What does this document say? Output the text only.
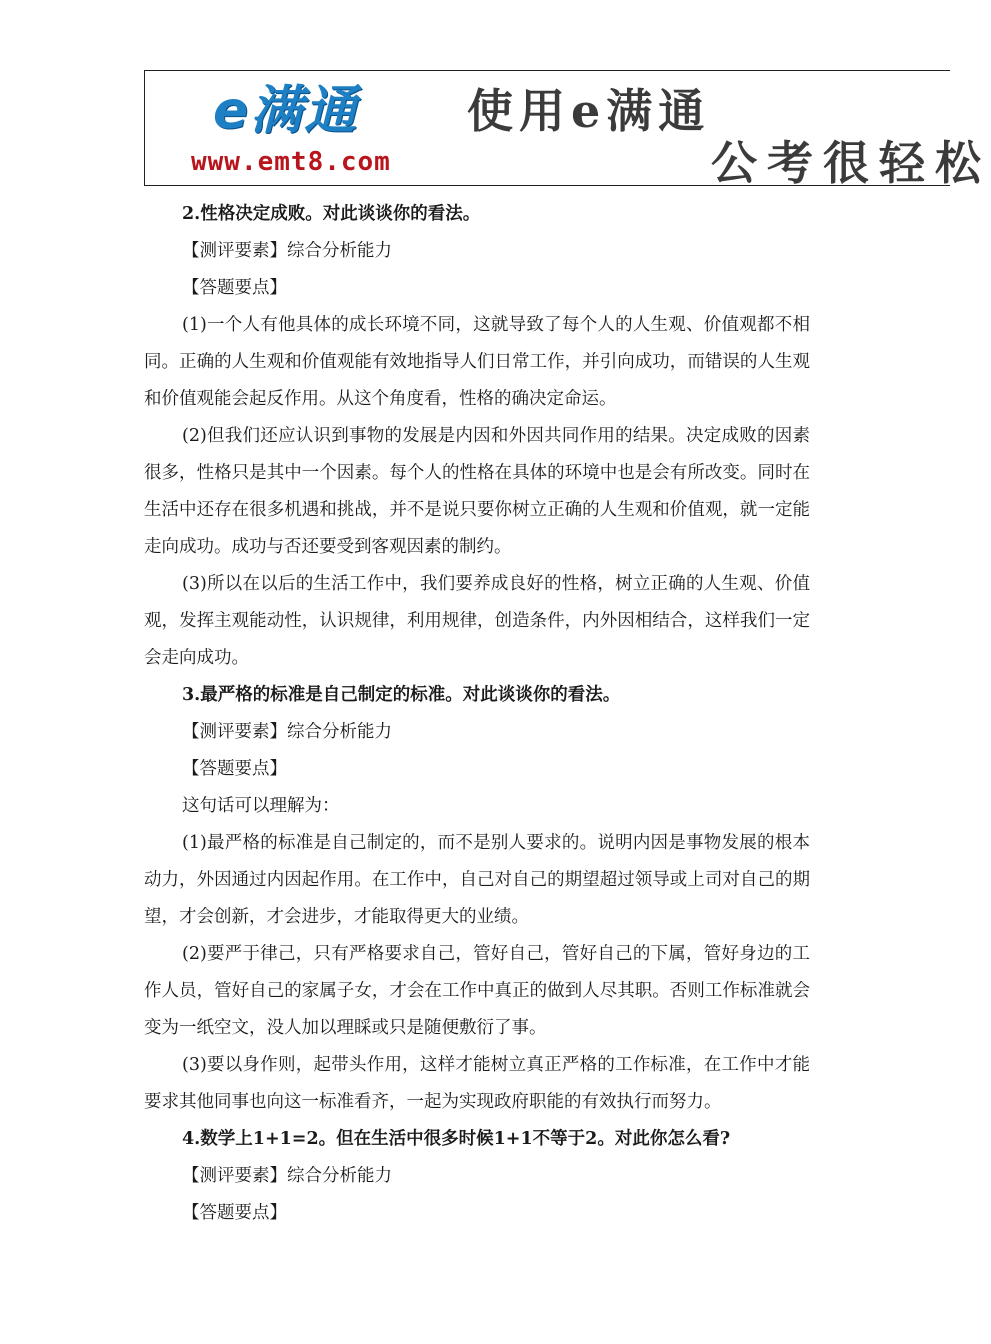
e满通
www.emt8.com
使用e满通
公考很轻松

2.性格决定成败。对此谈谈你的看法。

【测评要素】综合分析能力

【答题要点】

(1)一个人有他具体的成长环境不同，这就导致了每个人的人生观、价值观都不相同。正确的人生观和价值观能有效地指导人们日常工作，并引向成功，而错误的人生观和价值观能会起反作用。从这个角度看，性格的确决定命运。

(2)但我们还应认识到事物的发展是内因和外因共同作用的结果。决定成败的因素很多，性格只是其中一个因素。每个人的性格在具体的环境中也是会有所改变。同时在生活中还存在很多机遇和挑战，并不是说只要你树立正确的人生观和价值观，就一定能走向成功。成功与否还要受到客观因素的制约。

(3)所以在以后的生活工作中，我们要养成良好的性格，树立正确的人生观、价值观，发挥主观能动性，认识规律，利用规律，创造条件，内外因相结合，这样我们一定会走向成功。

3.最严格的标准是自己制定的标准。对此谈谈你的看法。

【测评要素】综合分析能力

【答题要点】

这句话可以理解为：

(1)最严格的标准是自己制定的，而不是别人要求的。说明内因是事物发展的根本动力，外因通过内因起作用。在工作中，自己对自己的期望超过领导或上司对自己的期望，才会创新，才会进步，才能取得更大的业绩。

(2)要严于律己，只有严格要求自己，管好自己，管好自己的下属，管好身边的工作人员，管好自己的家属子女，才会在工作中真正的做到人尽其职。否则工作标准就会变为一纸空文，没人加以理睬或只是随便敷衍了事。

(3)要以身作则，起带头作用，这样才能树立真正严格的工作标准，在工作中才能要求其他同事也向这一标准看齐，一起为实现政府职能的有效执行而努力。

4.数学上1+1=2。但在生活中很多时候1+1不等于2。对此你怎么看?

【测评要素】综合分析能力

【答题要点】
